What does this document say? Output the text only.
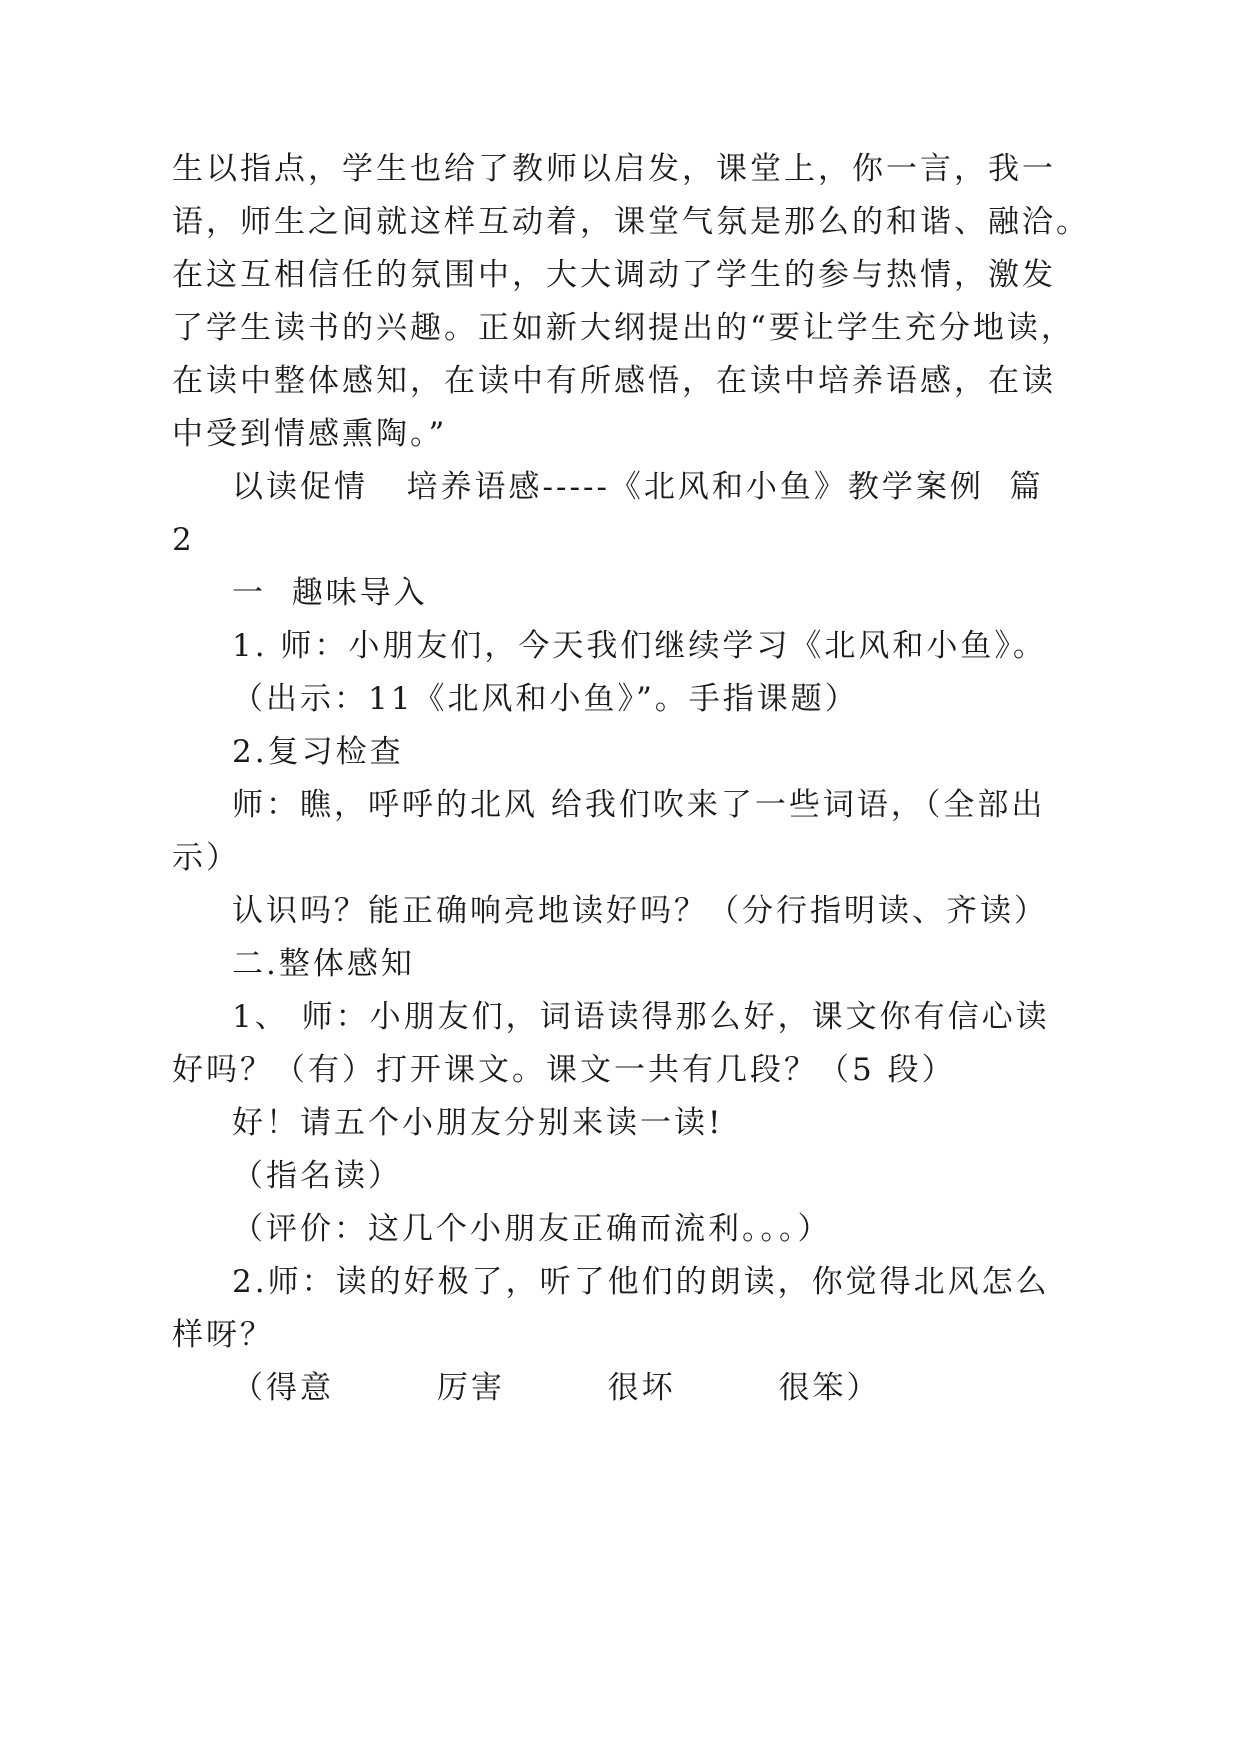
生以指点，学生也给了教师以启发，课堂上，你一言，我一
语，师生之间就这样互动着，课堂气氛是那么的和谐、融洽。
在这互相信任的氛围中，大大调动了学生的参与热情，激发
了学生读书的兴趣。正如新大纲提出的“要让学生充分地读，
在读中整体感知，在读中有所感悟，在读中培养语感，在读
中受到情感熏陶。”
以读促情   培养语感-----《北风和小鱼》教学案例  篇
2
一  趣味导入
1. 师：小朋友们，今天我们继续学习《北风和小鱼》。
（出示：11《北风和小鱼》”。手指课题）
2.复习检查
师：瞧，呼呼的北风 给我们吹来了一些词语，（全部出
示）
认识吗？能正确响亮地读好吗？（分行指明读、齐读）
二.整体感知
1、 师：小朋友们，词语读得那么好，课文你有信心读
好吗？（有）打开课文。课文一共有几段？（5 段）
好！请五个小朋友分别来读一读!
（指名读）
（评价：这几个小朋友正确而流利。。。）
2.师：读的好极了，听了他们的朗读，你觉得北风怎么
样呀？
（得意        厉害        很坏        很笨）
